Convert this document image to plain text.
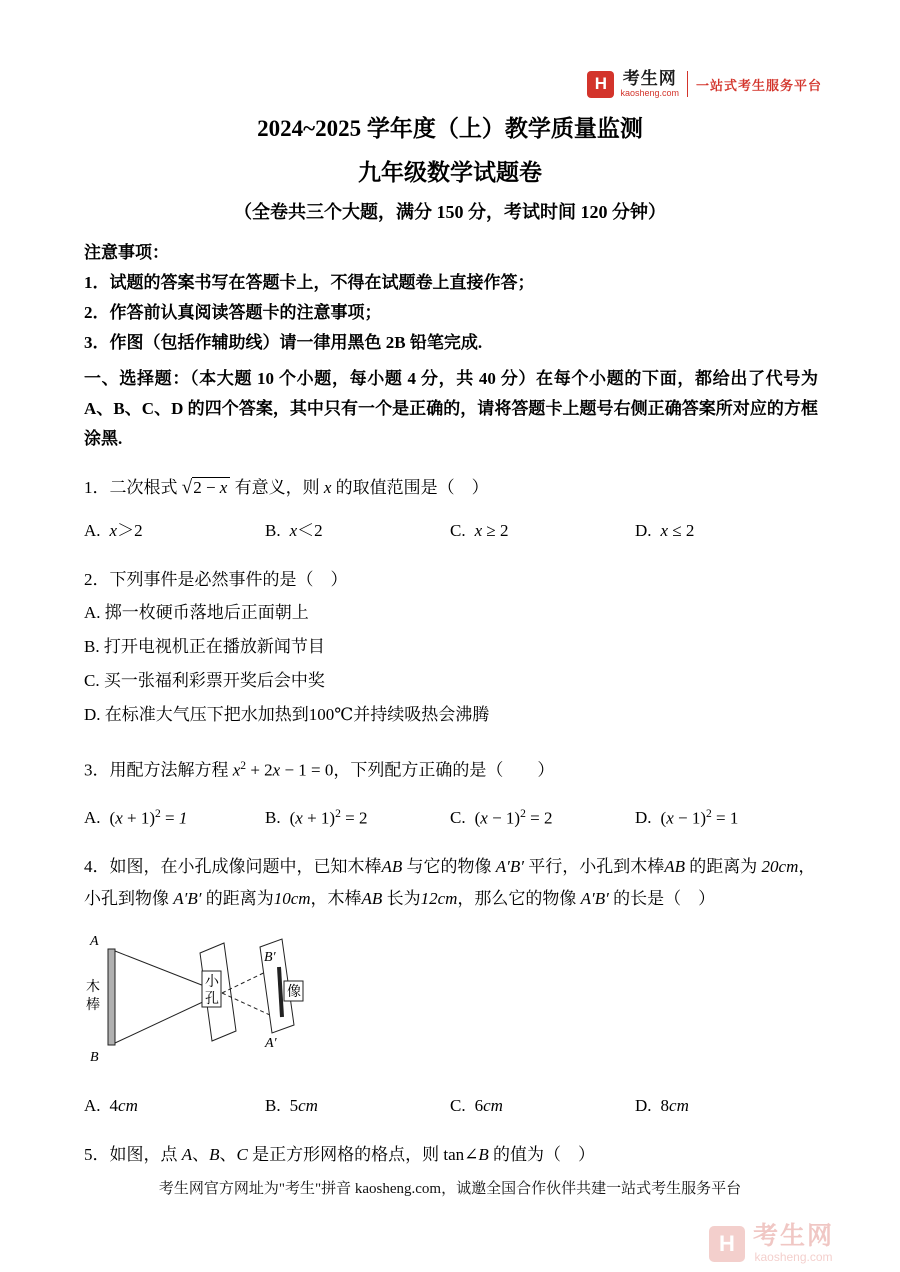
H 考生网
kaosheng.com
一站式考生服务平台
2024~2025 学年度（上）教学质量监测
九年级数学试题卷

（全卷共三个大题，满分 150 分，考试时间 120 分钟）

注意事项：

1．试题的答案书写在答题卡上，不得在试题卷上直接作答；

2．作答前认真阅读答题卡的注意事项；

3．作图（包括作辅助线）请一律用黑色 2B 铅笔完成.

一、选择题：（本大题 10 个小题，每小题 4 分，共 40 分）在每个小题的下面，都给出了代号为 A、B、C、D 的四个答案，其中只有一个是正确的，请将答题卡上题号右侧正确答案所对应的方框涂黑.

1．二次根式 √2 − x 有意义，则 x 的取值范围是（　）

A. x＞2	B. x＜2	C. x ≥ 2	D. x ≤ 2

2．下列事件是必然事件的是（　）

A. 掷一枚硬币落地后正面朝上

B. 打开电视机正在播放新闻节目

C. 买一张福利彩票开奖后会中奖

D. 在标准大气压下把水加热到100℃并持续吸热会沸腾

3．用配方法解方程 $x^2 + 2x - 1 = 0$，下列配方正确的是（　　）

A. $(x + 1)^2 = 1$	B. $(x + 1)^2 = 2$	C. $(x - 1)^2 = 2$	D. $(x - 1)^2 = 1$

4．如图，在小孔成像问题中，已知木棒AB 与它的物像 A′B′ 平行，小孔到木棒AB 的距离为 20cm，小孔到物像 A′B′ 的距离为10cm，木棒AB 长为12cm，那么它的物像 A′B′ 的长是（　）

A
B
木
棒
小
孔
B′
像
A′
A. 4cm	B. 5cm	C. 6cm	D. 8cm

5．如图，点 A、B、C 是正方形网格的格点，则 tan∠B 的值为（　）

考生网官方网址为"考生"拼音 kaosheng.com，诚邀全国合作伙伴共建一站式考生服务平台

H 考生网
kaosheng.com
